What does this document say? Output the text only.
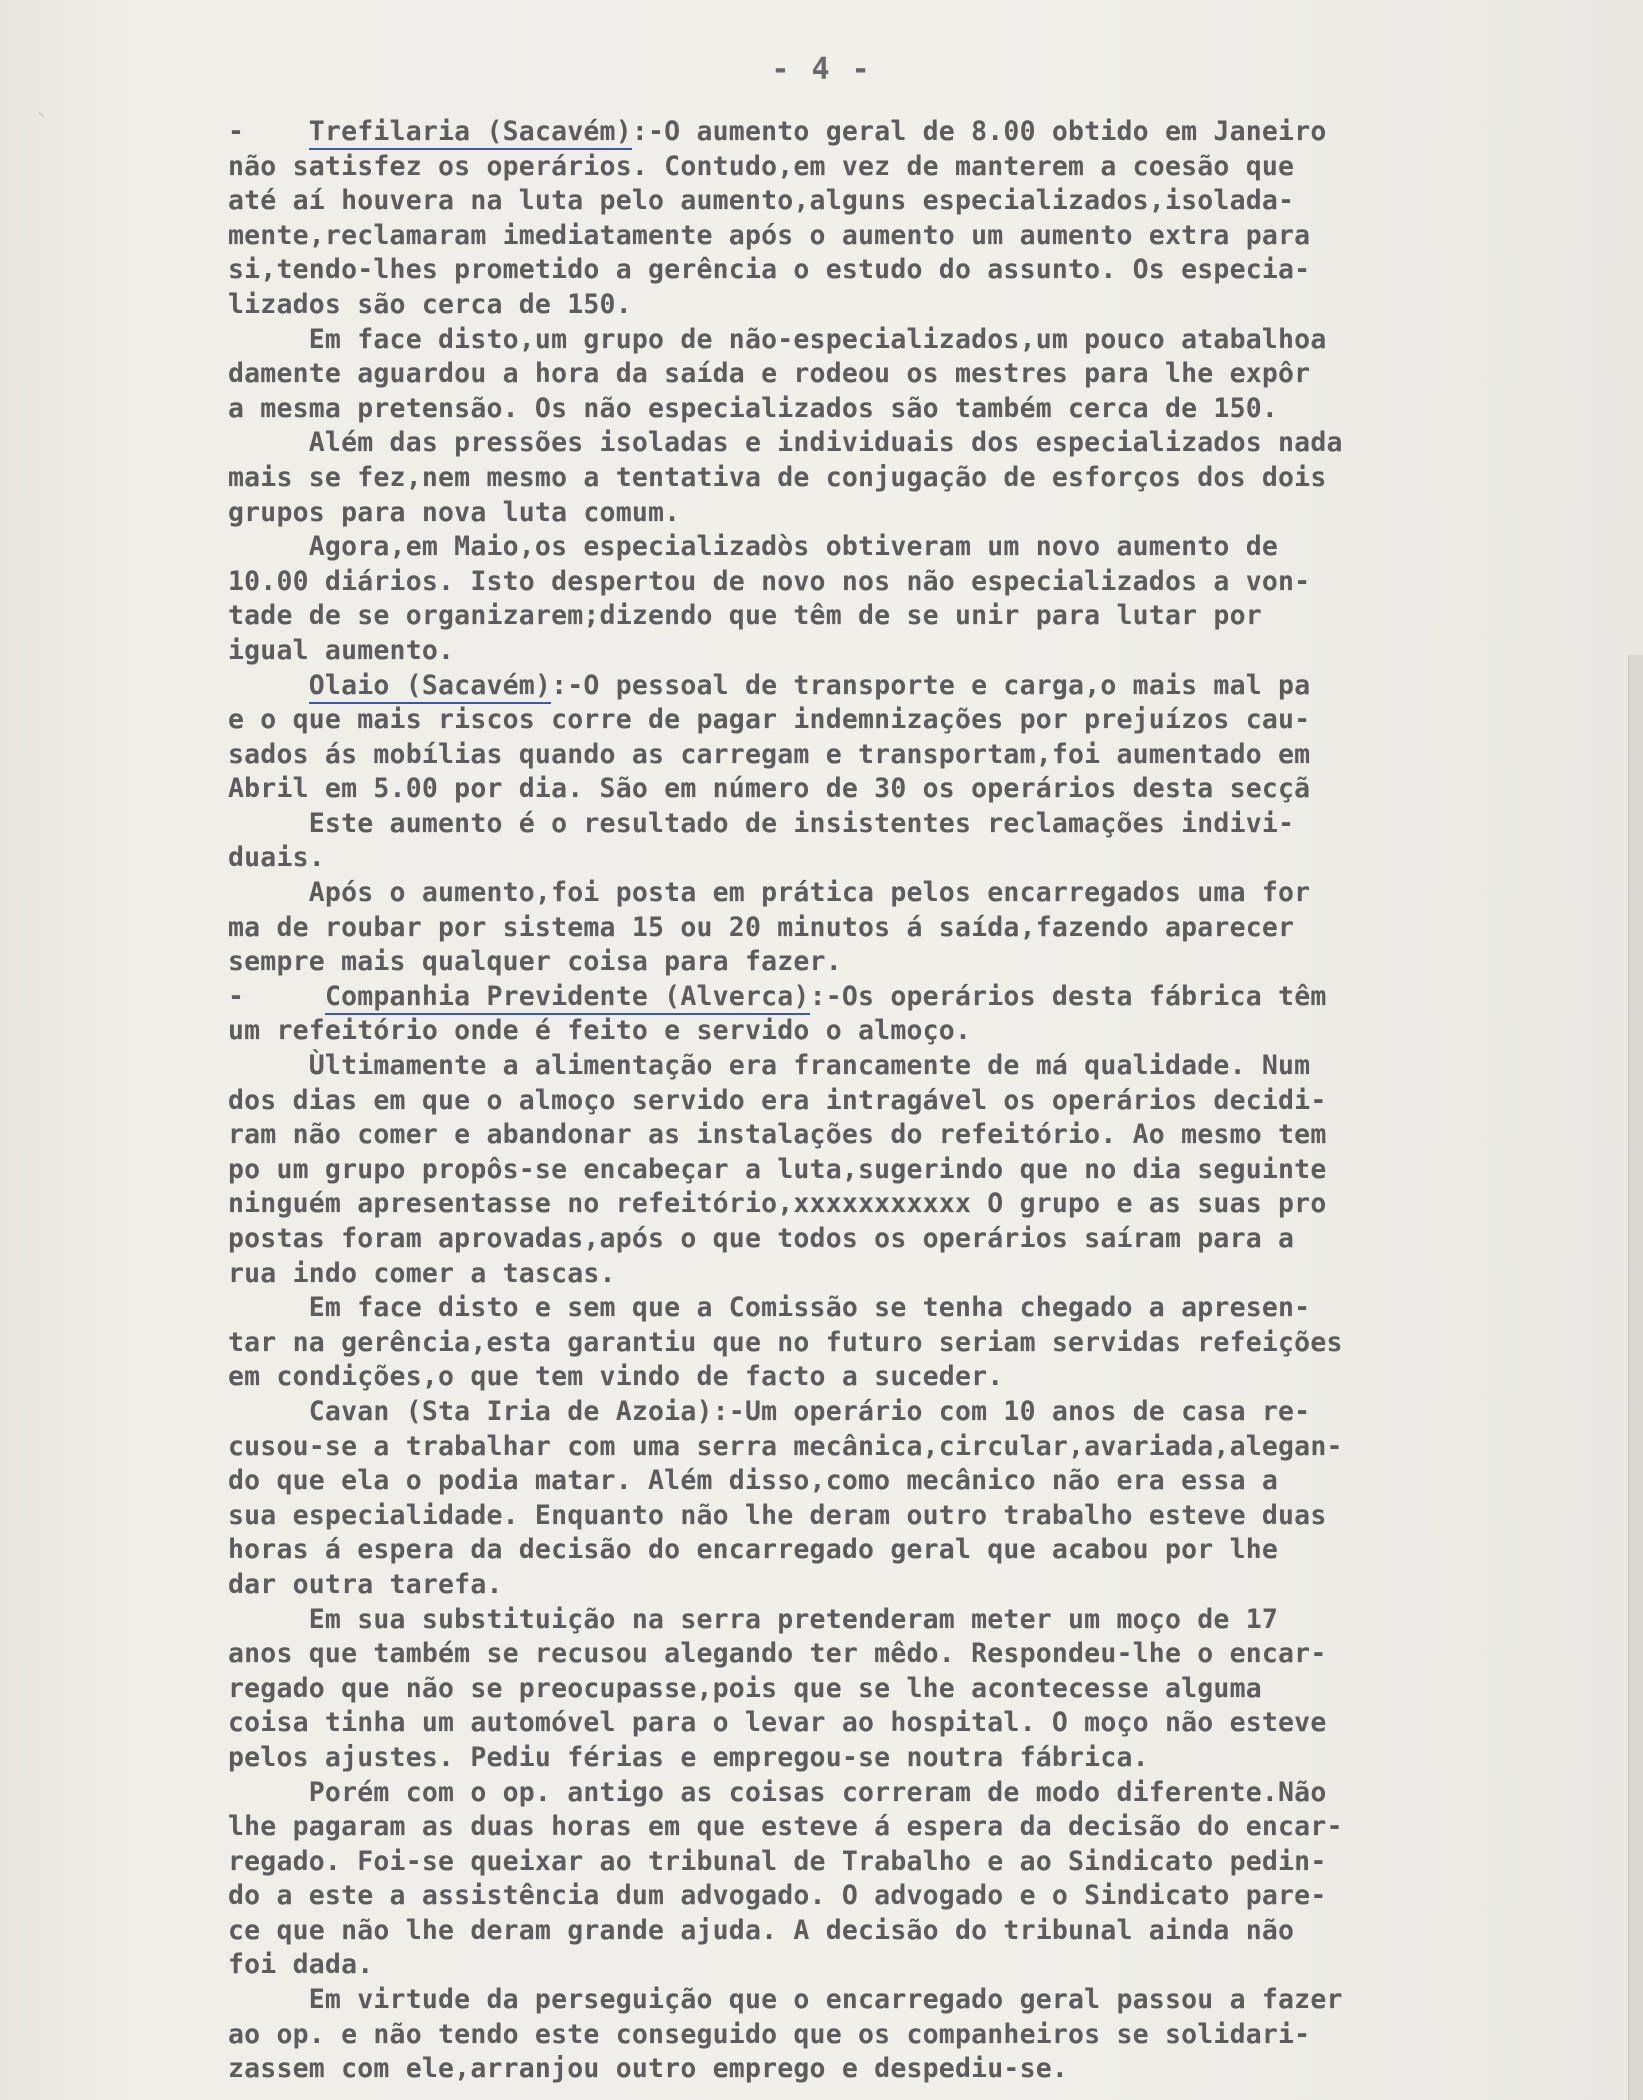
⸌
- 4 -
-    Trefilaria (Sacavém):-O aumento geral de 8.00 obtido em Janeiro
não satisfez os operários. Contudo,em vez de manterem a coesão que
até aí houvera na luta pelo aumento,alguns especializados,isolada-
mente,reclamaram imediatamente após o aumento um aumento extra para
si,tendo-lhes prometido a gerência o estudo do assunto. Os especia-
lizados são cerca de 150.
Em face disto,um grupo de não-especializados,um pouco atabalhoa
damente aguardou a hora da saída e rodeou os mestres para lhe expôr
a mesma pretensão. Os não especializados são também cerca de 150.
Além das pressões isoladas e individuais dos especializados nada
mais se fez,nem mesmo a tentativa de conjugação de esforços dos dois
grupos para nova luta comum.
Agora,em Maio,os especializadòs obtiveram um novo aumento de
10.00 diários. Isto despertou de novo nos não especializados a von-
tade de se organizarem;dizendo que têm de se unir para lutar por
igual aumento.
Olaio (Sacavém):-O pessoal de transporte e carga,o mais mal pa
e o que mais riscos corre de pagar indemnizações por prejuízos cau-
sados ás mobílias quando as carregam e transportam,foi aumentado em
Abril em 5.00 por dia. São em número de 30 os operários desta secçã
Este aumento é o resultado de insistentes reclamações indivi-
duais.
Após o aumento,foi posta em prática pelos encarregados uma for
ma de roubar por sistema 15 ou 20 minutos á saída,fazendo aparecer
sempre mais qualquer coisa para fazer.
-     Companhia Previdente (Alverca):-Os operários desta fábrica têm
um refeitório onde é feito e servido o almoço.
Ùltimamente a alimentação era francamente de má qualidade. Num
dos dias em que o almoço servido era intragável os operários decidi-
ram não comer e abandonar as instalações do refeitório. Ao mesmo tem
po um grupo propôs-se encabeçar a luta,sugerindo que no dia seguinte
ninguém apresentasse no refeitório,xxxxxxxxxxx O grupo e as suas pro
postas foram aprovadas,após o que todos os operários saíram para a
rua indo comer a tascas.
Em face disto e sem que a Comissão se tenha chegado a apresen-
tar na gerência,esta garantiu que no futuro seriam servidas refeições
em condições,o que tem vindo de facto a suceder.
Cavan (Sta Iria de Azoia):-Um operário com 10 anos de casa re-
cusou-se a trabalhar com uma serra mecânica,circular,avariada,alegan-
do que ela o podia matar. Além disso,como mecânico não era essa a
sua especialidade. Enquanto não lhe deram outro trabalho esteve duas
horas á espera da decisão do encarregado geral que acabou por lhe
dar outra tarefa.
Em sua substituição na serra pretenderam meter um moço de 17
anos que também se recusou alegando ter mêdo. Respondeu-lhe o encar-
regado que não se preocupasse,pois que se lhe acontecesse alguma
coisa tinha um automóvel para o levar ao hospital. O moço não esteve
pelos ajustes. Pediu férias e empregou-se noutra fábrica.
Porém com o op. antigo as coisas correram de modo diferente.Não
lhe pagaram as duas horas em que esteve á espera da decisão do encar-
regado. Foi-se queixar ao tribunal de Trabalho e ao Sindicato pedin-
do a este a assistência dum advogado. O advogado e o Sindicato pare-
ce que não lhe deram grande ajuda. A decisão do tribunal ainda não
foi dada.
Em virtude da perseguição que o encarregado geral passou a fazer
ao op. e não tendo este conseguido que os companheiros se solidari-
zassem com ele,arranjou outro emprego e despediu-se.
